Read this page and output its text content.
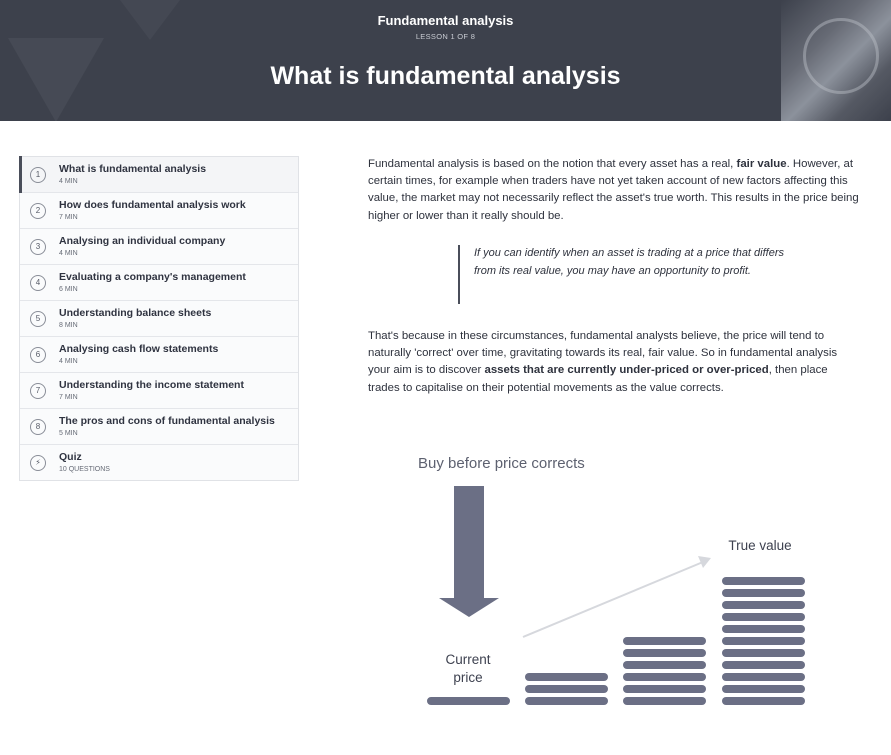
Fundamental analysis
LESSON 1 OF 8
What is fundamental analysis
1	What is fundamental analysis
4 MIN
2	How does fundamental analysis work
7 MIN
3	Analysing an individual company
4 MIN
4	Evaluating a company's management
6 MIN
5	Understanding balance sheets
8 MIN
6	Analysing cash flow statements
4 MIN
7	Understanding the income statement
7 MIN
8	The pros and cons of fundamental analysis
5 MIN
⚡	Quiz
10 QUESTIONS

Fundamental analysis is based on the notion that every asset has a real, fair value. However, at certain times, for example when traders have not yet taken account of new factors affecting this value, the market may not necessarily reflect the asset's true worth. This results in the price being higher or lower than it really should be.

If you can identify when an asset is trading at a price that differs from its real value, you may have an opportunity to profit.

That's because in these circumstances, fundamental analysts believe, the price will tend to naturally 'correct' over time, gravitating towards its real, fair value. So in fundamental analysis your aim is to discover assets that are currently under-priced or over-priced, then place trades to capitalise on their potential movements as the value corrects.

Buy before price corrects
Current price
True value
